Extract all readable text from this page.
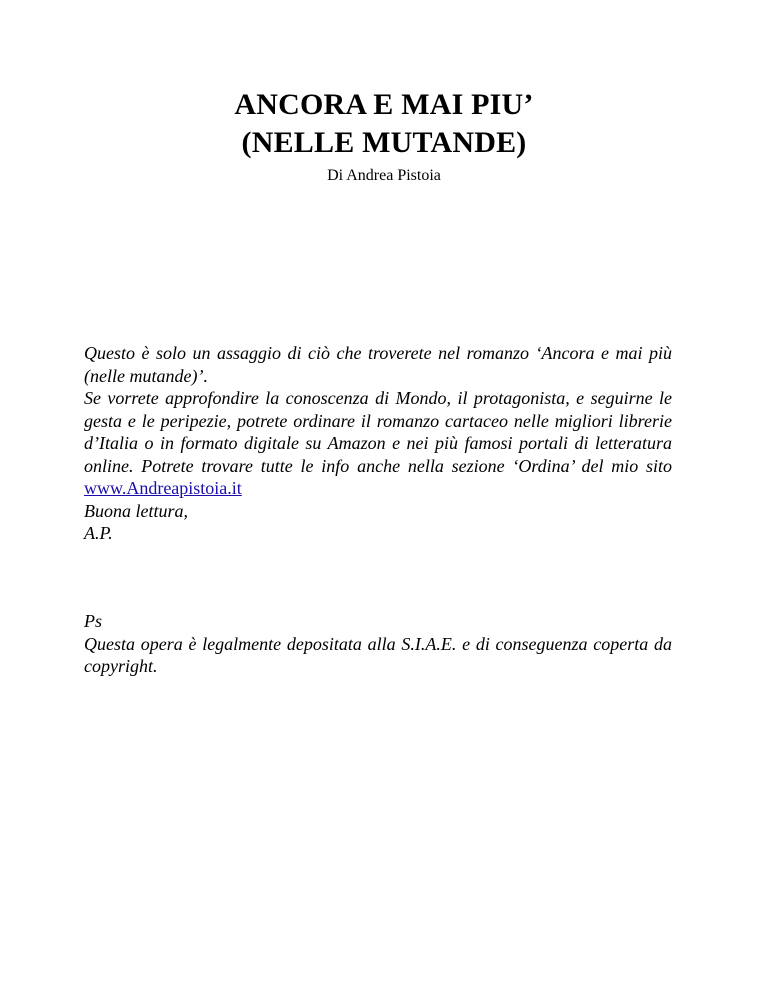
ANCORA E MAI PIU’
(NELLE MUTANDE)
Di Andrea Pistoia

Questo è solo un assaggio di ciò che troverete nel romanzo ‘Ancora e mai più (nelle mutande)’.

Se vorrete approfondire la conoscenza di Mondo, il protagonista, e seguirne le gesta e le peripezie, potrete ordinare il romanzo cartaceo nelle migliori librerie d’Italia o in formato digitale su Amazon e nei più famosi portali di letteratura online. Potrete trovare tutte le info anche nella sezione ‘Ordina’ del mio sito www.Andreapistoia.it

Buona lettura,

A.P.

Ps

Questa opera è legalmente depositata alla S.I.A.E. e di conseguenza coperta da copyright.
